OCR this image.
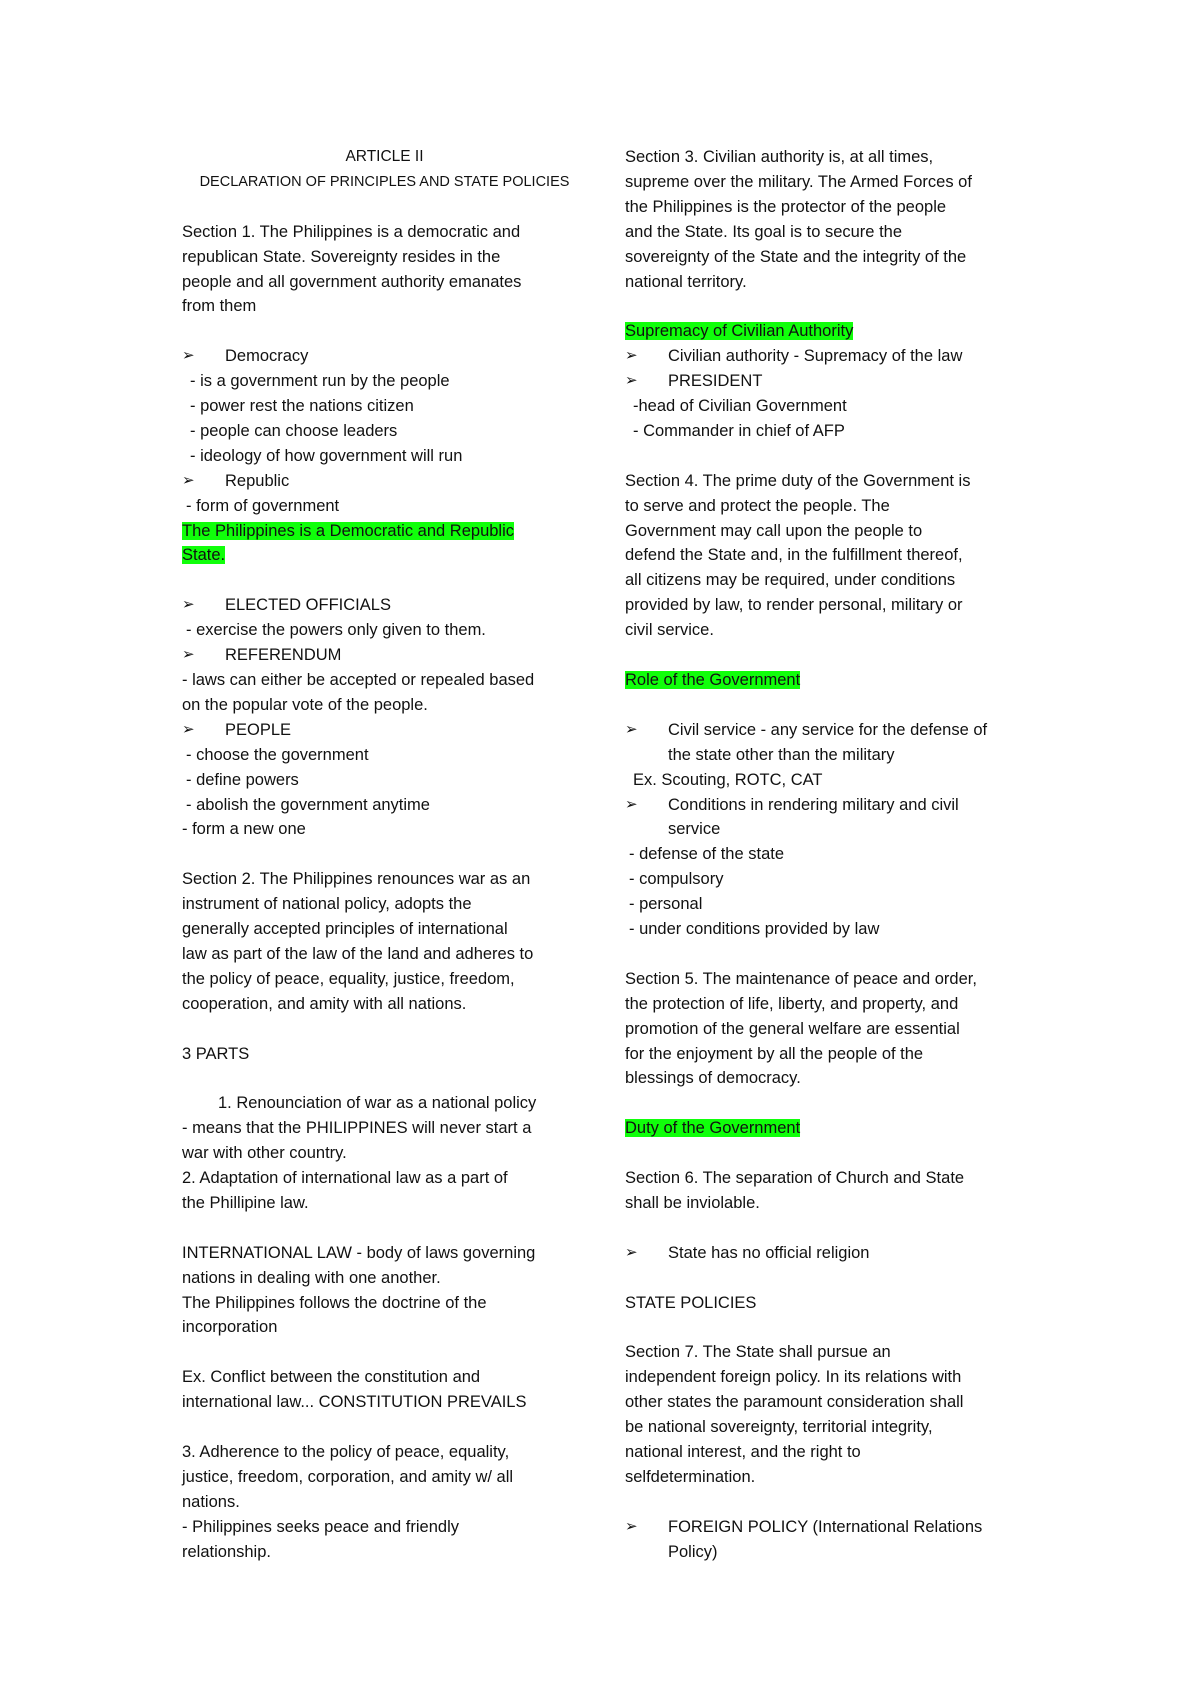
ARTICLE II
DECLARATION OF PRINCIPLES AND STATE POLICIES
Section 1. The Philippines is a democratic and
republican State. Sovereignty resides in the
people and all government authority emanates
from them
➢ Democracy
- is a government run by the people
- power rest the nations citizen
- people can choose leaders
- ideology of how government will run
➢ Republic
- form of government
The Philippines is a Democratic and Republic
State.
➢ ELECTED OFFICIALS
- exercise the powers only given to them.
➢ REFERENDUM
- laws can either be accepted or repealed based
on the popular vote of the people.
➢ PEOPLE
- choose the government
- define powers
- abolish the government anytime
- form a new one
Section 2. The Philippines renounces war as an
instrument of national policy, adopts the
generally accepted principles of international
law as part of the law of the land and adheres to
the policy of peace, equality, justice, freedom,
cooperation, and amity with all nations.
3 PARTS
1. Renounciation of war as a national policy
- means that the PHILIPPINES will never start a
war with other country.
2. Adaptation of international law as a part of
the Phillipine law.
INTERNATIONAL LAW - body of laws governing
nations in dealing with one another.
The Philippines follows the doctrine of the
incorporation
Ex. Conflict between the constitution and
international law... CONSTITUTION PREVAILS
3. Adherence to the policy of peace, equality,
justice, freedom, corporation, and amity w/ all
nations.
- Philippines seeks peace and friendly
relationship.
Section 3. Civilian authority is, at all times,
supreme over the military. The Armed Forces of
the Philippines is the protector of the people
and the State. Its goal is to secure the
sovereignty of the State and the integrity of the
national territory.
Supremacy of Civilian Authority
➢ Civilian authority - Supremacy of the law
➢ PRESIDENT
-head of Civilian Government
- Commander in chief of AFP
Section 4. The prime duty of the Government is
to serve and protect the people. The
Government may call upon the people to
defend the State and, in the fulfillment thereof,
all citizens may be required, under conditions
provided by law, to render personal, military or
civil service.
Role of the Government
➢ Civil service - any service for the defense of
the state other than the military
Ex. Scouting, ROTC, CAT
➢ Conditions in rendering military and civil
service
- defense of the state
- compulsory
- personal
- under conditions provided by law
Section 5. The maintenance of peace and order,
the protection of life, liberty, and property, and
promotion of the general welfare are essential
for the enjoyment by all the people of the
blessings of democracy.
Duty of the Government
Section 6. The separation of Church and State
shall be inviolable.
➢ State has no official religion
STATE POLICIES
Section 7. The State shall pursue an
independent foreign policy. In its relations with
other states the paramount consideration shall
be national sovereignty, territorial integrity,
national interest, and the right to
selfdetermination.
➢ FOREIGN POLICY (International Relations
Policy)
